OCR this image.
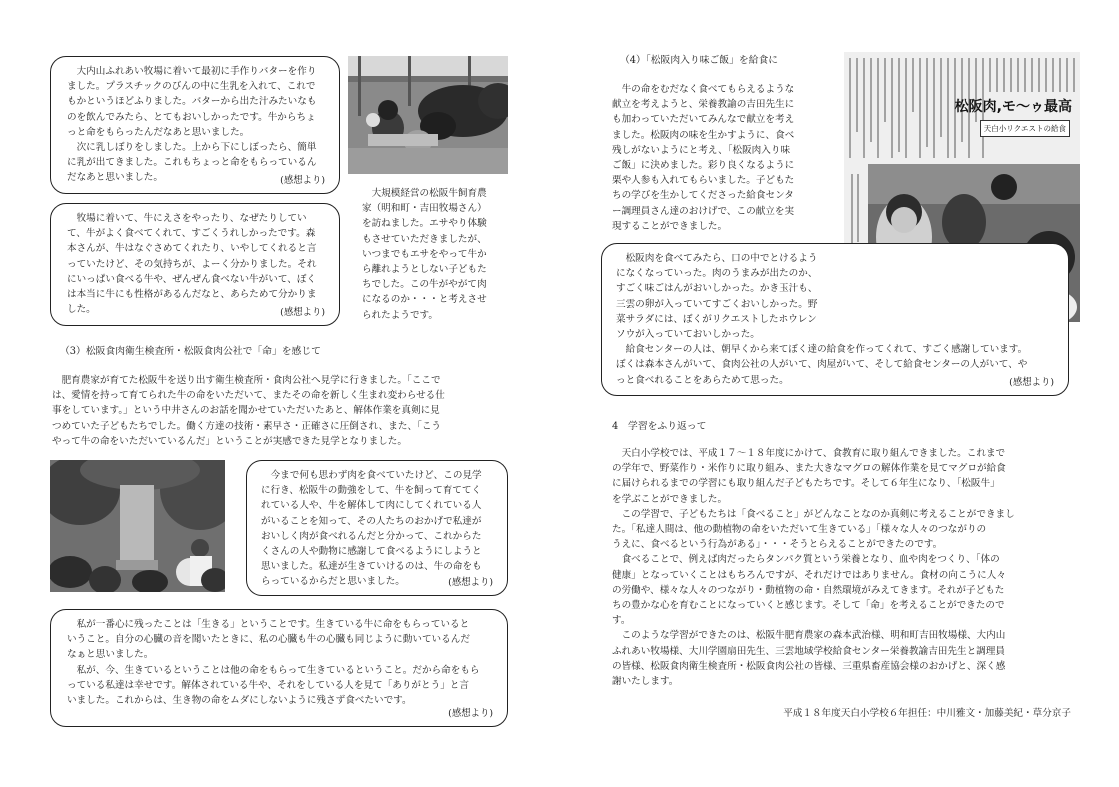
大内山ふれあい牧場に着いて最初に手作りバターを作り
ました。プラスチックのびんの中に生乳を入れて、これで
もかというほどふりました。バターから出た汁みたいなも
のを飲んでみたら、とてもおいしかったです。牛からちょ
っと命をもらったんだなあと思いました。
次に乳しぼりをしました。上から下にしぼったら、簡単
に乳が出てきました。これもちょっと命をもらっているん
だなあと思いました。	(感想より)
大規模経営の松阪牛飼育農
家（明和町・吉田牧場さん）
を訪ねました。エサやり体験
もさせていただきましたが、
いつまでもエサをやって牛か
ら離れようとしない子どもた
ちでした。この牛がやがて肉
になるのか・・・と考えさせ
られたようです。
牧場に着いて、牛にえさをやったり、なぜたりしてい
て、牛がよく食べてくれて、すごくうれしかったです。森
本さんが、牛はなぐさめてくれたり、いやしてくれると言
っていたけど、その気持ちが、よーく分かりました。それ
にいっぱい食べる牛や、ぜんぜん食べない牛がいて、ぼく
は本当に牛にも性格があるんだなと、あらためて分かりま
した。	(感想より)

（3）松阪食肉衛生検査所・松阪食肉公社で「命」を感じて

肥育農家が育てた松阪牛を送り出す衛生検査所・食肉公社へ見学に行きました。「ここで
は、愛情を持って育てられた牛の命をいただいて、またその命を新しく生まれ変わらせる仕
事をしています。」という中井さんのお話を聞かせていただいたあと、解体作業を真剣に見
つめていた子どもたちでした。働く方達の技術・素早さ・正確さに圧倒され、また、「こう
やって牛の命をいただいているんだ」ということが実感できた見学となりました。
今まで何も思わず肉を食べていたけど、この見学
に行き、松阪牛の動強をして、牛を飼って育ててく
れている人や、牛を解体して肉にしてくれている人
がいることを知って、その人たちのおかげで私達が
おいしく肉が食べれるんだと分かって、これからた
くさんの人や動物に感謝して食べるようにしようと
思いました。私達が生きていけるのは、牛の命をも
らっているからだと思いました。	(感想より)
私が一番心に残ったことは「生きる」ということです。生きている牛に命をもらっていると
いうこと。自分の心臓の音を聞いたときに、私の心臓も牛の心臓も同じように動いているんだ
なぁと思いました。
私が、今、生きているということは他の命をもらって生きているということ。だから命をもら
っている私達は幸せです。解体されている牛や、それをしている人を見て「ありがとう」と言
いました。これからは、生き物の命をムダにしないように残さず食べたいです。
(感想より)

（4）「松阪肉入り味ご飯」を給食に

牛の命をむだなく食べてもらえるような
献立を考えようと、栄養教諭の吉田先生に
も加わっていただいてみんなで献立を考え
ました。松阪肉の味を生かすように、食べ
残しがないようにと考え、「松阪肉入り味
ご飯」に決めました。彩り良くなるように
栗や人参も入れてもらいました。子どもた
ちの学びを生かしてくださった給食センタ
ー調理員さん達のおけげで、この献立を実
現することができました。
松阪肉,モ〜ゥ最高
天白小リクエストの給食
松阪肉を食べてみたら、口の中でとけるよう
になくなっていった。肉のうまみが出たのか、
すごく味ごはんがおいしかった。かき玉汁も、
三雲の卵が入っていてすごくおいしかった。野
菜サラダには、ぼくがリクエストしたホウレン
ソウが入っていておいしかった。
給食センターの人は、朝早くから来てぼく達の給食を作ってくれて、すごく感謝しています。
ぼくは森本さんがいて、食肉公社の人がいて、肉屋がいて、そして給食センターの人がいて、や
っと食べれることをあらためて思った。	(感想より)

4　学習をふり返って

天白小学校では、平成１７～１８年度にかけて、食教育に取り組んできました。これまで
の学年で、野菜作り・米作りに取り組み、また大きなマグロの解体作業を見てマグロが給食
に届けられるまでの学習にも取り組んだ子どもたちです。そして６年生になり、「松阪牛」
を学ぶことができました。
この学習で、子どもたちは「食べること」がどんなことなのか真剣に考えることができまし
た。「私達人間は、他の動植物の命をいただいて生きている」「様々な人々のつながりの
うえに、食べるという行為がある」・・・そうとらえることができたのです。
食べることで、例えば肉だったらタンパク質という栄養となり、血や肉をつくり、「体の
健康」となっていくことはもちろんですが、それだけではありません。食材の向こうに人々
の労働や、様々な人々のつながり・動植物の命・自然環境がみえてきます。それが子どもた
ちの豊かな心を育むことになっていくと感じます。そして「命」を考えることができたので
す。
このような学習ができたのは、松阪牛肥育農家の森本武治様、明和町吉田牧場様、大内山
ふれあい牧場様、大川学園扇田先生、三雲地域学校給食センター栄養教諭吉田先生と調理員
の皆様、松阪食肉衛生検査所・松阪食肉公社の皆様、三重県畜産協会様のおかげと、深く感
謝いたします。
平成１８年度天白小学校６年担任：中川雅文・加藤美紀・草分京子
